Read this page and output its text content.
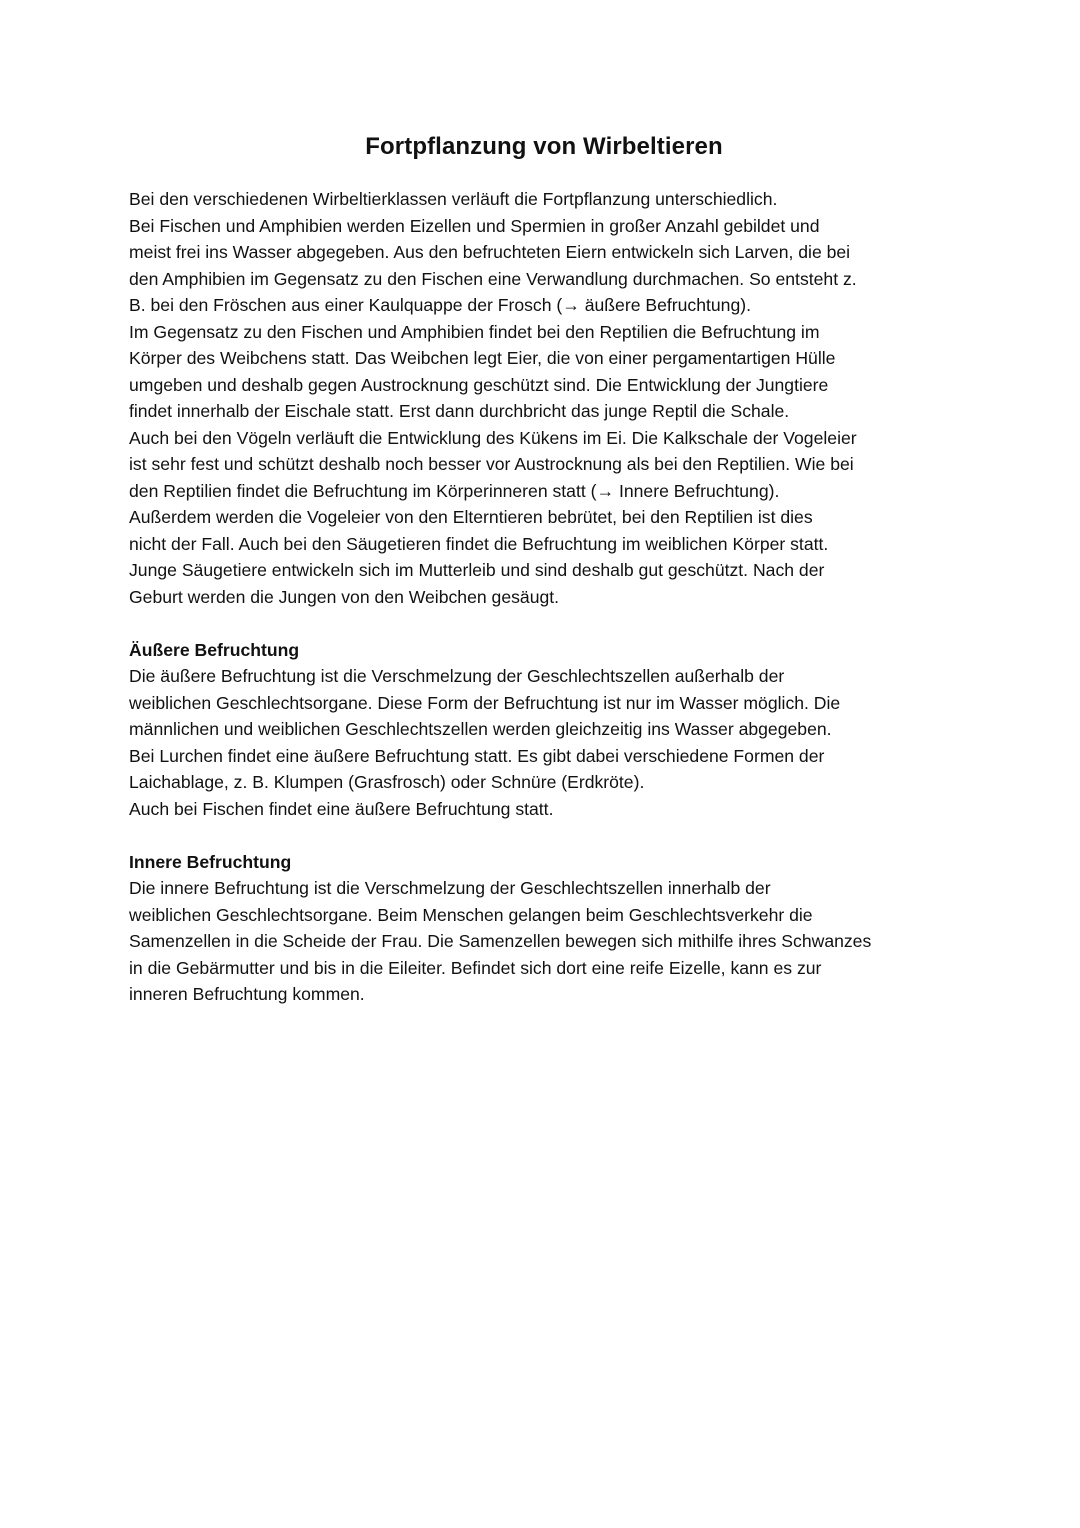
Fortpflanzung von Wirbeltieren
Bei den verschiedenen Wirbeltierklassen verläuft die Fortpflanzung unterschiedlich.
Bei Fischen und Amphibien werden Eizellen und Spermien in großer Anzahl gebildet und
meist frei ins Wasser abgegeben. Aus den befruchteten Eiern entwickeln sich Larven, die bei
den Amphibien im Gegensatz zu den Fischen eine Verwandlung durchmachen. So entsteht z.
B. bei den Fröschen aus einer Kaulquappe der Frosch (→ äußere Befruchtung).
Im Gegensatz zu den Fischen und Amphibien findet bei den Reptilien die Befruchtung im
Körper des Weibchens statt. Das Weibchen legt Eier, die von einer pergamentartigen Hülle
umgeben und deshalb gegen Austrocknung geschützt sind. Die Entwicklung der Jungtiere
findet innerhalb der Eischale statt. Erst dann durchbricht das junge Reptil die Schale.
Auch bei den Vögeln verläuft die Entwicklung des Kükens im Ei. Die Kalkschale der Vogeleier
ist sehr fest und schützt deshalb noch besser vor Austrocknung als bei den Reptilien. Wie bei
den Reptilien findet die Befruchtung im Körperinneren statt (→ Innere Befruchtung).
Außerdem werden die Vogeleier von den Elterntieren bebrütet, bei den Reptilien ist dies
nicht der Fall. Auch bei den Säugetieren findet die Befruchtung im weiblichen Körper statt.
Junge Säugetiere entwickeln sich im Mutterleib und sind deshalb gut geschützt. Nach der
Geburt werden die Jungen von den Weibchen gesäugt.
Äußere Befruchtung
Die äußere Befruchtung ist die Verschmelzung der Geschlechtszellen außerhalb der
weiblichen Geschlechtsorgane. Diese Form der Befruchtung ist nur im Wasser möglich. Die
männlichen und weiblichen Geschlechtszellen werden gleichzeitig ins Wasser abgegeben.
Bei Lurchen findet eine äußere Befruchtung statt. Es gibt dabei verschiedene Formen der
Laichablage, z. B. Klumpen (Grasfrosch) oder Schnüre (Erdkröte).
Auch bei Fischen findet eine äußere Befruchtung statt.
Innere Befruchtung
Die innere Befruchtung ist die Verschmelzung der Geschlechtszellen innerhalb der
weiblichen Geschlechtsorgane. Beim Menschen gelangen beim Geschlechtsverkehr die
Samenzellen in die Scheide der Frau. Die Samenzellen bewegen sich mithilfe ihres Schwanzes
in die Gebärmutter und bis in die Eileiter. Befindet sich dort eine reife Eizelle, kann es zur
inneren Befruchtung kommen.
